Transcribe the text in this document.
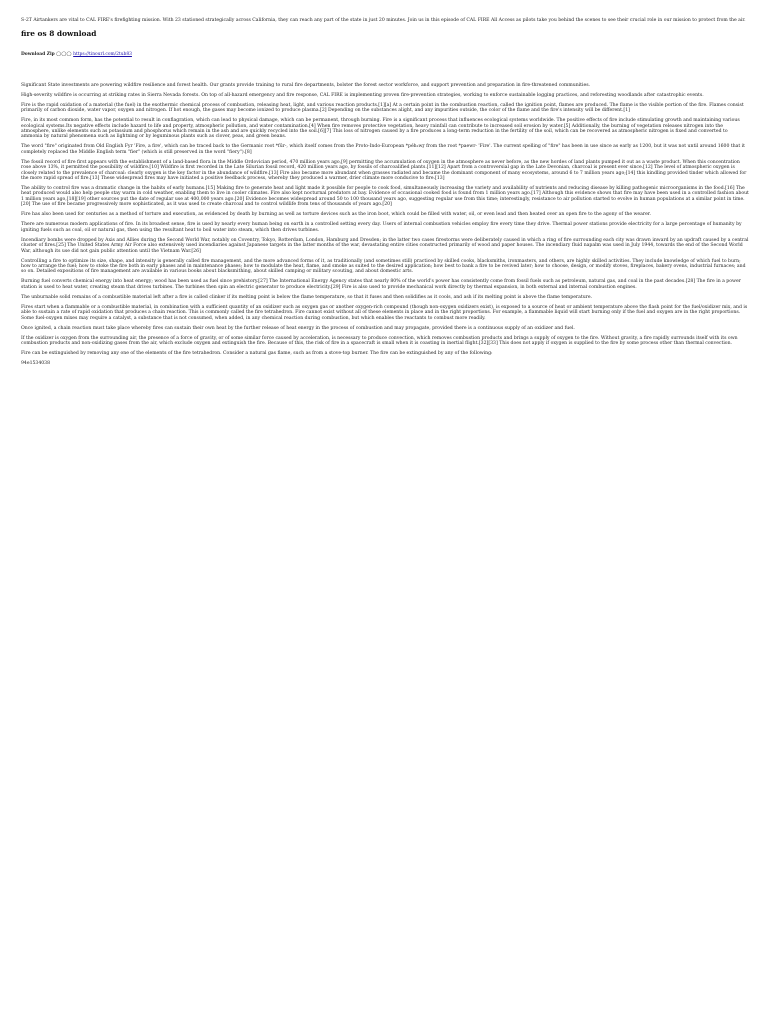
S-2T Airtankers are vital to CAL FIRE's firefighting mission. With 23 stationed strategically across California, they can reach any part of the state in just 20 minutes. Join us in this episode of CAL FIRE All Access as pilots take you behind the scenes to see their crucial role in our mission to protect from the air.

fire os 8 download
Download Zip ◯◯◯ https://tinourl.com/2tub83

Significant State investments are powering wildfire resilience and forest health. Our grants provide training to rural fire departments, bolster the forest sector workforce, and support prevention and preparation in fire-threatened communities.

High-severity wildfire is occurring at striking rates in Sierra Nevada forests. On top of all-hazard emergency and fire response, CAL FIRE is implementing proven fire-prevention strategies, working to enforce sustainable logging practices, and reforesting woodlands after catastrophic events.

Fire is the rapid oxidation of a material (the fuel) in the exothermic chemical process of combustion, releasing heat, light, and various reaction products.[1][a] At a certain point in the combustion reaction, called the ignition point, flames are produced. The flame is the visible portion of the fire. Flames consist primarily of carbon dioxide, water vapor, oxygen and nitrogen. If hot enough, the gases may become ionized to produce plasma.[2] Depending on the substances alight, and any impurities outside, the color of the flame and the fire's intensity will be different.[1]

Fire, in its most common form, has the potential to result in conflagration, which can lead to physical damage, which can be permanent, through burning. Fire is a significant process that influences ecological systems worldwide. The positive effects of fire include stimulating growth and maintaining various ecological systems.Its negative effects include hazard to life and property, atmospheric pollution, and water contamination.[4] When fire removes protective vegetation, heavy rainfall can contribute to increased soil erosion by water.[5] Additionally, the burning of vegetation releases nitrogen into the atmosphere, unlike elements such as potassium and phosphorus which remain in the ash and are quickly recycled into the soil.[6][7] This loss of nitrogen caused by a fire produces a long-term reduction in the fertility of the soil, which can be recovered as atmospheric nitrogen is fixed and converted to ammonia by natural phenomena such as lightning or by leguminous plants such as clover, peas, and green beans.

The word "fire" originated from Old English Fyr 'Fire, a fire', which can be traced back to the Germanic root *fūr-, which itself comes from the Proto-Indo-European *péh₂wr̥ from the root *paewr- 'Fire'. The current spelling of "fire" has been in use since as early as 1200, but it was not until around 1600 that it completely replaced the Middle English term "fier" (which is still preserved in the word "fiery").[8]

The fossil record of fire first appears with the establishment of a land-based flora in the Middle Ordovician period, 470 million years ago,[9] permitting the accumulation of oxygen in the atmosphere as never before, as the new hordes of land plants pumped it out as a waste product. When this concentration rose above 13%, it permitted the possibility of wildfire.[10] Wildfire is first recorded in the Late Silurian fossil record, 420 million years ago, by fossils of charcoalified plants.[11][12] Apart from a controversial gap in the Late Devonian, charcoal is present ever since.[12] The level of atmospheric oxygen is closely related to the prevalence of charcoal: clearly oxygen is the key factor in the abundance of wildfire.[13] Fire also became more abundant when grasses radiated and became the dominant component of many ecosystems, around 6 to 7 million years ago;[14] this kindling provided tinder which allowed for the more rapid spread of fire.[13] These widespread fires may have initiated a positive feedback process, whereby they produced a warmer, drier climate more conducive to fire.[13]

The ability to control fire was a dramatic change in the habits of early humans.[15] Making fire to generate heat and light made it possible for people to cook food, simultaneously increasing the variety and availability of nutrients and reducing disease by killing pathogenic microorganisms in the food.[16] The heat produced would also help people stay warm in cold weather, enabling them to live in cooler climates. Fire also kept nocturnal predators at bay. Evidence of occasional cooked food is found from 1 million years ago.[17] Although this evidence shows that fire may have been used in a controlled fashion about 1 million years ago,[18][19] other sources put the date of regular use at 400,000 years ago.[20] Evidence becomes widespread around 50 to 100 thousand years ago, suggesting regular use from this time; interestingly, resistance to air pollution started to evolve in human populations at a similar point in time.[20] The use of fire became progressively more sophisticated, as it was used to create charcoal and to control wildlife from tens of thousands of years ago.[20]

Fire has also been used for centuries as a method of torture and execution, as evidenced by death by burning as well as torture devices such as the iron boot, which could be filled with water, oil, or even lead and then heated over an open fire to the agony of the wearer.

There are numerous modern applications of fire. In its broadest sense, fire is used by nearly every human being on earth in a controlled setting every day. Users of internal combustion vehicles employ fire every time they drive. Thermal power stations provide electricity for a large percentage of humanity by igniting fuels such as coal, oil or natural gas, then using the resultant heat to boil water into steam, which then drives turbines.

Incendiary bombs were dropped by Axis and Allies during the Second World War, notably on Coventry, Tokyo, Rotterdam, London, Hamburg and Dresden; in the latter two cases firestorms were deliberately caused in which a ring of fire surrounding each city was drawn inward by an updraft caused by a central cluster of fires.[25] The United States Army Air Force also extensively used incendiaries against Japanese targets in the latter months of the war, devastating entire cities constructed primarily of wood and paper houses. The incendiary fluid napalm was used in July 1944, towards the end of the Second World War, although its use did not gain public attention until the Vietnam War.[26]

Controlling a fire to optimize its size, shape, and intensity is generally called fire management, and the more advanced forms of it, as traditionally (and sometimes still) practiced by skilled cooks, blacksmiths, ironmasters, and others, are highly skilled activities. They include knowledge of which fuel to burn; how to arrange the fuel; how to stoke the fire both in early phases and in maintenance phases; how to modulate the heat, flame, and smoke as suited to the desired application; how best to bank a fire to be revived later; how to choose, design, or modify stoves, fireplaces, bakery ovens, industrial furnaces; and so on. Detailed expositions of fire management are available in various books about blacksmithing, about skilled camping or military scouting, and about domestic arts.

Burning fuel converts chemical energy into heat energy; wood has been used as fuel since prehistory.[27] The International Energy Agency states that nearly 80% of the world's power has consistently come from fossil fuels such as petroleum, natural gas, and coal in the past decades.[28] The fire in a power station is used to heat water, creating steam that drives turbines. The turbines then spin an electric generator to produce electricity.[29] Fire is also used to provide mechanical work directly by thermal expansion, in both external and internal combustion engines.

The unburnable solid remains of a combustible material left after a fire is called clinker if its melting point is below the flame temperature, so that it fuses and then solidifies as it cools, and ash if its melting point is above the flame temperature.

Fires start when a flammable or a combustible material, in combination with a sufficient quantity of an oxidizer such as oxygen gas or another oxygen-rich compound (though non-oxygen oxidizers exist), is exposed to a source of heat or ambient temperature above the flash point for the fuel/oxidizer mix, and is able to sustain a rate of rapid oxidation that produces a chain reaction. This is commonly called the fire tetrahedron. Fire cannot exist without all of these elements in place and in the right proportions. For example, a flammable liquid will start burning only if the fuel and oxygen are in the right proportions. Some fuel-oxygen mixes may require a catalyst, a substance that is not consumed, when added, in any chemical reaction during combustion, but which enables the reactants to combust more readily.

Once ignited, a chain reaction must take place whereby fires can sustain their own heat by the further release of heat energy in the process of combustion and may propagate, provided there is a continuous supply of an oxidizer and fuel.

If the oxidizer is oxygen from the surrounding air, the presence of a force of gravity, or of some similar force caused by acceleration, is necessary to produce convection, which removes combustion products and brings a supply of oxygen to the fire. Without gravity, a fire rapidly surrounds itself with its own combustion products and non-oxidizing gases from the air, which exclude oxygen and extinguish the fire. Because of this, the risk of fire in a spacecraft is small when it is coasting in inertial flight.[32][33] This does not apply if oxygen is supplied to the fire by some process other than thermal convection.

Fire can be extinguished by removing any one of the elements of the fire tetrahedron. Consider a natural gas flame, such as from a stove-top burner. The fire can be extinguished by any of the following:

94e1534038
